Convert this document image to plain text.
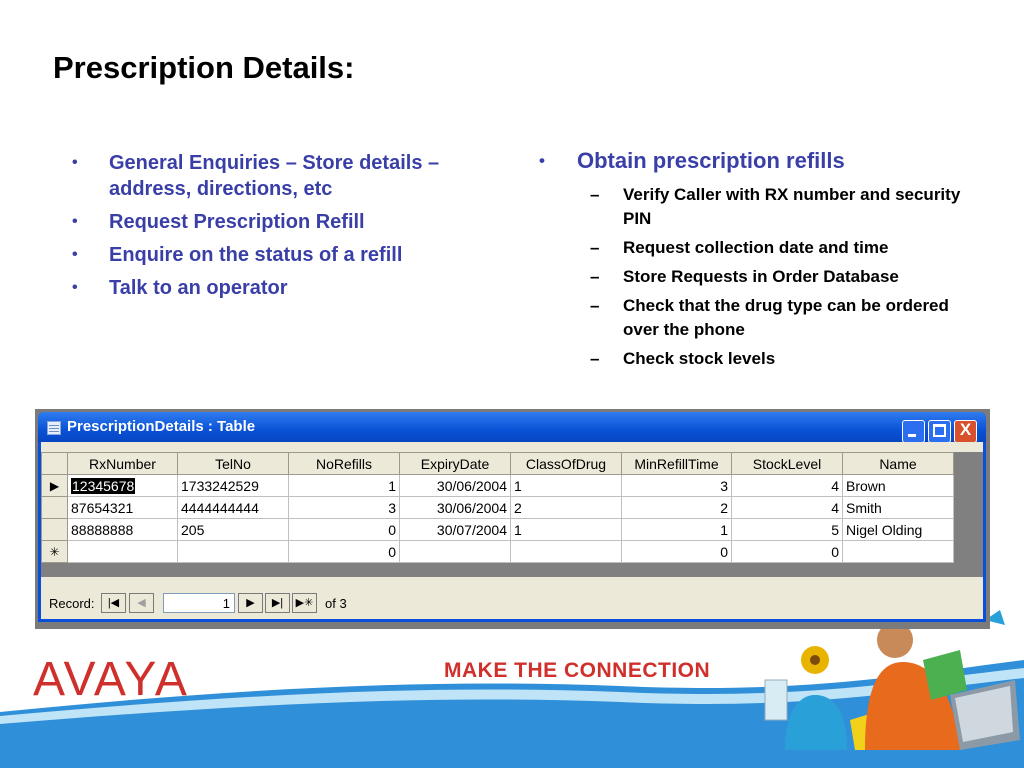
Prescription Details:
• General Enquiries – Store details – address, directions, etc
• Request Prescription Refill
• Enquire on the status of a refill
• Talk to an operator
• Obtain prescription refills
– Verify Caller with RX number and security PIN
– Request collection date and time
– Store Requests in Order Database
– Check that the drug type can be ordered over the phone
– Check stock levels
AVAYA	MAKE THE CONNECTION
PrescriptionDetails : Table	X
	RxNumber	TelNo	NoRefills	ExpiryDate	ClassOfDrug	MinRefillTime	StockLevel	Name
▶	12345678	1733242529	1	30/06/2004	1	3	4	Brown
	87654321	4444444444	3	30/06/2004	2	2	4	Smith
	88888888	205	0	30/07/2004	1	1	5	Nigel Olding
✳			0			0	0	
Record:	|◀	◀
1	▶	▶|	▶✳ of 3
